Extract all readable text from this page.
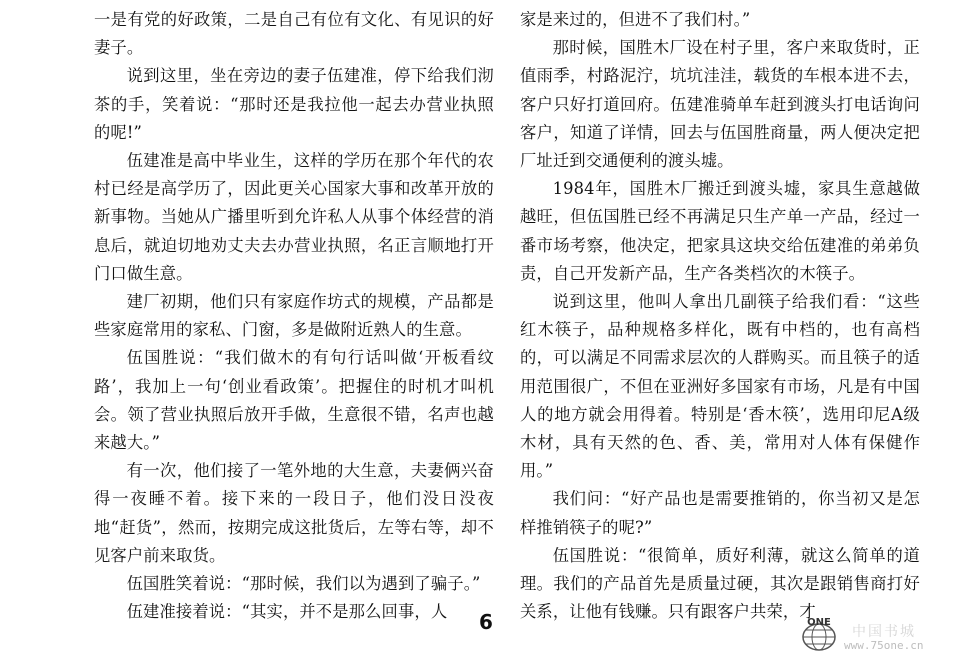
一是有党的好政策，二是自己有位有文化、有见识的好妻子。

说到这里，坐在旁边的妻子伍建准，停下给我们沏茶的手，笑着说：“那时还是我拉他一起去办营业执照的呢!”

伍建准是高中毕业生，这样的学历在那个年代的农村已经是高学历了，因此更关心国家大事和改革开放的新事物。当她从广播里听到允许私人从事个体经营的消息后，就迫切地劝丈夫去办营业执照，名正言顺地打开门口做生意。

建厂初期，他们只有家庭作坊式的规模，产品都是些家庭常用的家私、门窗，多是做附近熟人的生意。

伍国胜说：“我们做木的有句行话叫做‘开板看纹路’，我加上一句‘创业看政策’。把握住的时机才叫机会。领了营业执照后放开手做，生意很不错，名声也越来越大。”

有一次，他们接了一笔外地的大生意，夫妻俩兴奋得一夜睡不着。接下来的一段日子，他们没日没夜地“赶货”，然而，按期完成这批货后，左等右等，却不见客户前来取货。

伍国胜笑着说：“那时候，我们以为遇到了骗子。”

伍建准接着说：“其实，并不是那么回事，人

家是来过的，但进不了我们村。”

那时候，国胜木厂设在村子里，客户来取货时，正值雨季，村路泥泞，坑坑洼洼，载货的车根本进不去，客户只好打道回府。伍建准骑单车赶到渡头打电话询问客户，知道了详情，回去与伍国胜商量，两人便决定把厂址迁到交通便利的渡头墟。

1984年，国胜木厂搬迁到渡头墟，家具生意越做越旺，但伍国胜已经不再满足只生产单一产品，经过一番市场考察，他决定，把家具这块交给伍建准的弟弟负责，自己开发新产品，生产各类档次的木筷子。

说到这里，他叫人拿出几副筷子给我们看：“这些红木筷子，品种规格多样化，既有中档的，也有高档的，可以满足不同需求层次的人群购买。而且筷子的适用范围很广，不但在亚洲好多国家有市场，凡是有中国人的地方就会用得着。特别是‘香木筷’，选用印尼A级木材，具有天然的色、香、美，常用对人体有保健作用。”

我们问：“好产品也是需要推销的，你当初又是怎样推销筷子的呢?”

伍国胜说：“很简单，质好利薄，就这么简单的道理。我们的产品首先是质量过硬，其次是跟销售商打好关系，让他有钱赚。只有跟客户共荣，才

6	ONE
中国书城
www.75one.cn
